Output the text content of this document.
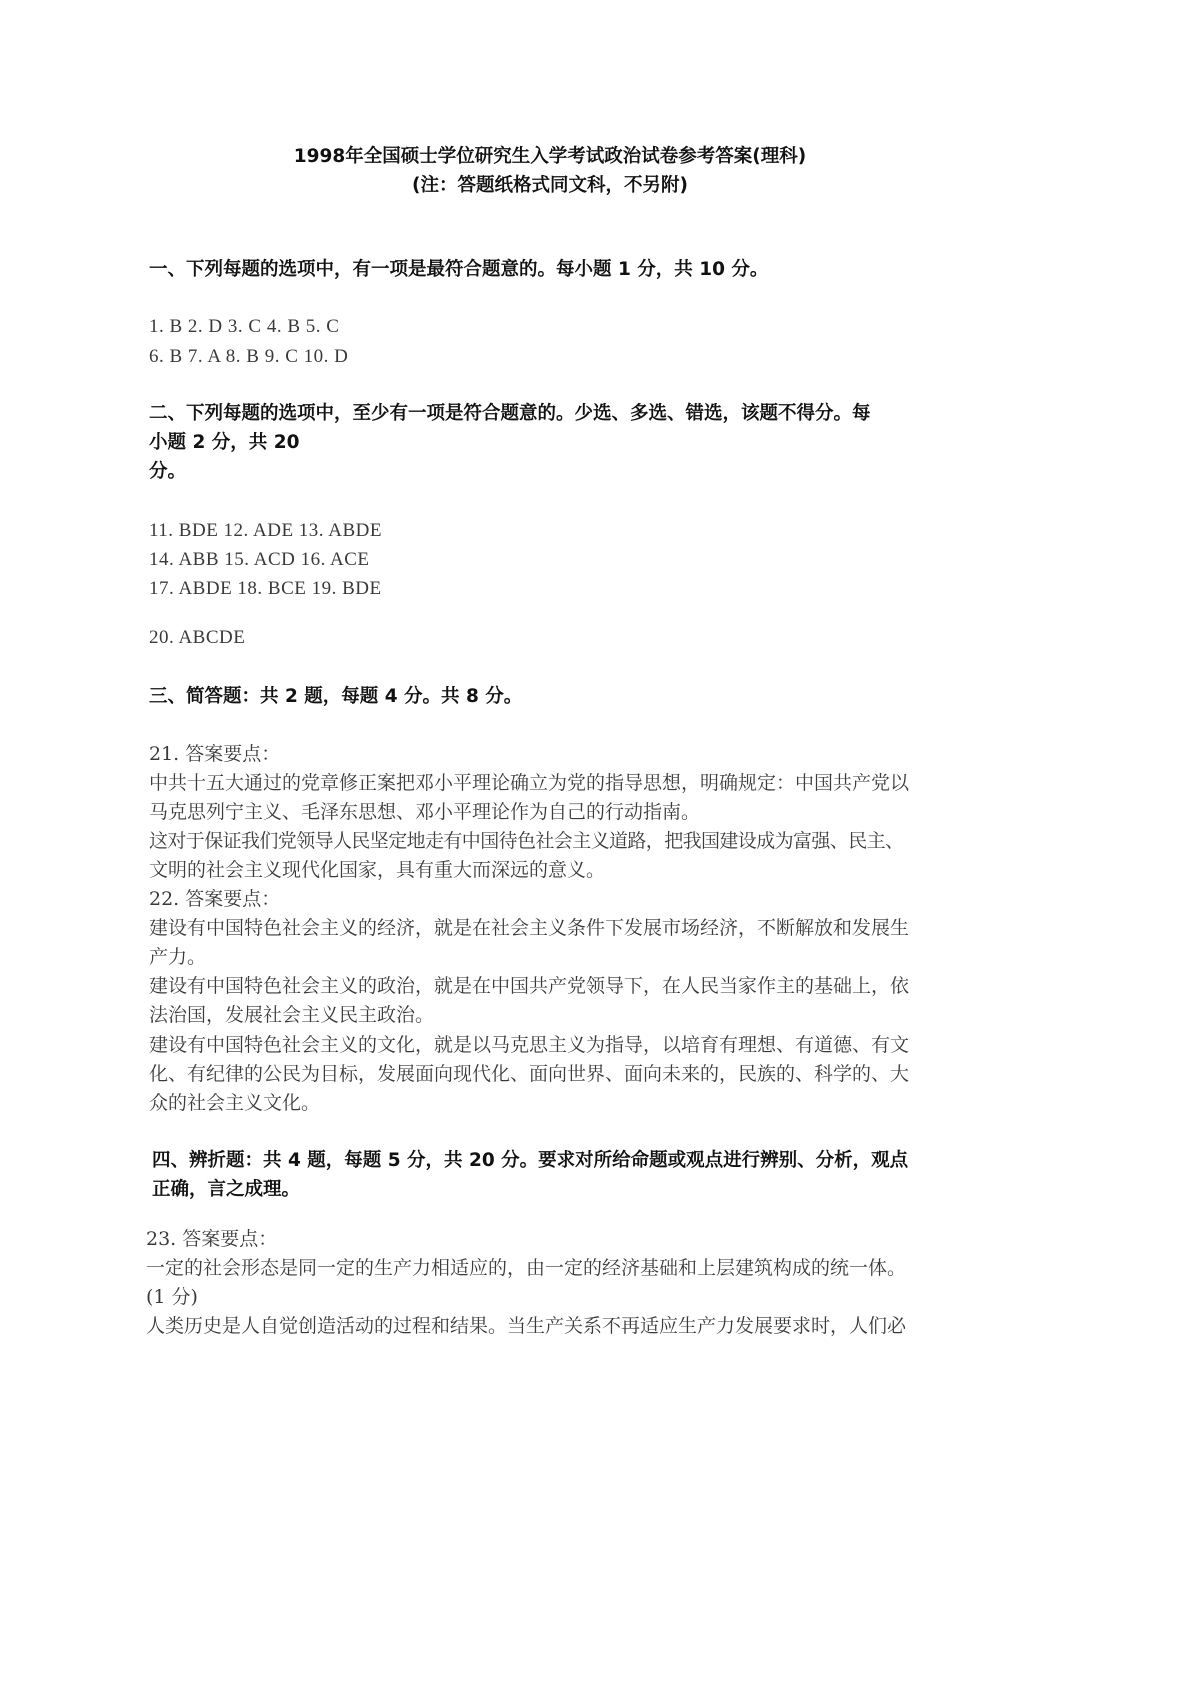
1998年全国硕士学位研究生入学考试政治试卷参考答案(理科)
(注：答题纸格式同文科，不另附)
一、下列每题的选项中，有一项是最符合题意的。每小题 1 分，共 10 分。
1. B 2. D 3. C 4. B 5. C
6. B 7. A 8. B 9. C 10. D
二、下列每题的选项中，至少有一项是符合题意的。少选、多选、错选，该题不得分。每
小题 2 分，共 20
分。
11. BDE 12. ADE 13. ABDE
14. ABB 15. ACD 16. ACE
17. ABDE 18. BCE 19. BDE
20. ABCDE
三、简答题：共 2 题，每题 4 分。共 8 分。
21. 答案要点：
中共十五大通过的党章修正案把邓小平理论确立为党的指导思想，明确规定：中国共产党以
马克思列宁主义、毛泽东思想、邓小平理论作为自己的行动指南。
这对于保证我们党领导人民坚定地走有中国待色社会主义道路，把我国建设成为富强、民主、
文明的社会主义现代化国家，具有重大而深远的意义。
22. 答案要点：
建设有中国特色社会主义的经济，就是在社会主义条件下发展市场经济，不断解放和发展生
产力。
建设有中国特色社会主义的政治，就是在中国共产党领导下，在人民当家作主的基础上，依
法治国，发展社会主义民主政治。
建设有中国特色社会主义的文化，就是以马克思主义为指导，以培育有理想、有道德、有文
化、有纪律的公民为目标，发展面向现代化、面向世界、面向未来的，民族的、科学的、大
众的社会主义文化。
四、辨折题：共 4 题，每题 5 分，共 20 分。要求对所给命题或观点进行辨别、分析，观点
正确，言之成理。
23. 答案要点：
一定的社会形态是同一定的生产力相适应的，由一定的经济基础和上层建筑构成的统一体。
(1 分)
人类历史是人自觉创造活动的过程和结果。当生产关系不再适应生产力发展要求时，人们必
